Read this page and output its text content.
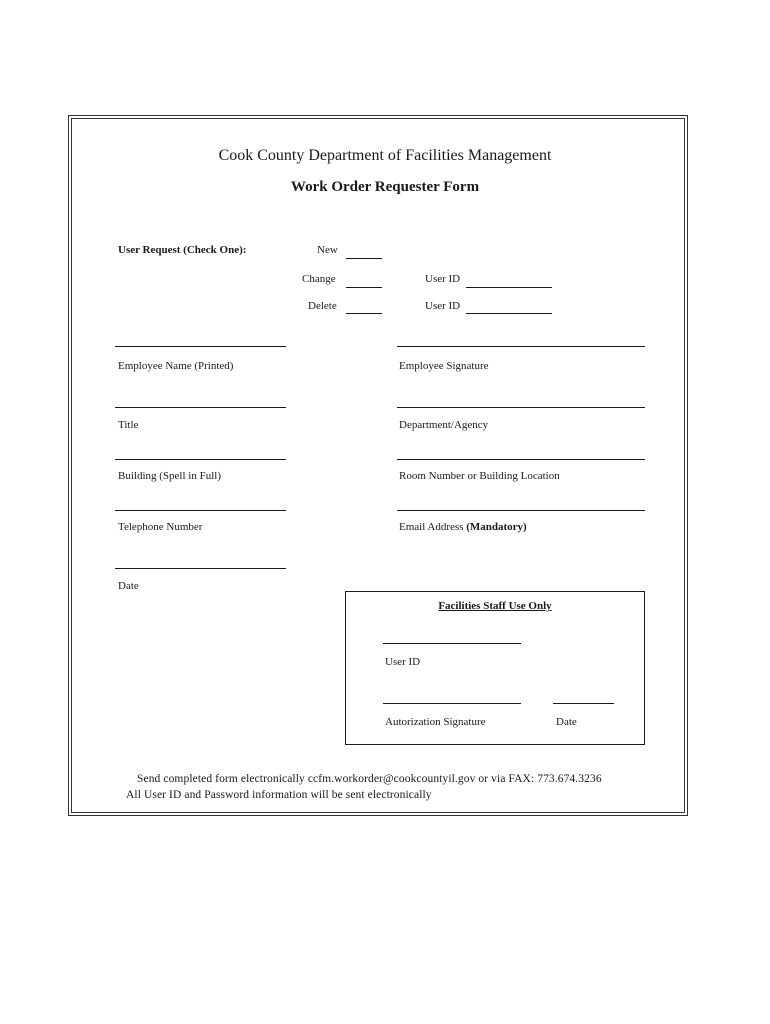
Cook County Department of Facilities Management
Work Order Requester Form
User Request (Check One):	New
Change	User ID
Delete	User ID
Employee Name (Printed)	Employee Signature
Title	Department/Agency
Building (Spell in Full)	Room Number or Building Location
Telephone Number	Email Address (Mandatory)
Date
Facilities Staff Use Only
User ID
Autorization Signature	Date
Send completed form electronically ccfm.workorder@cookcountyil.gov or via FAX: 773.674.3236
All User ID and Password information will be sent electronically
